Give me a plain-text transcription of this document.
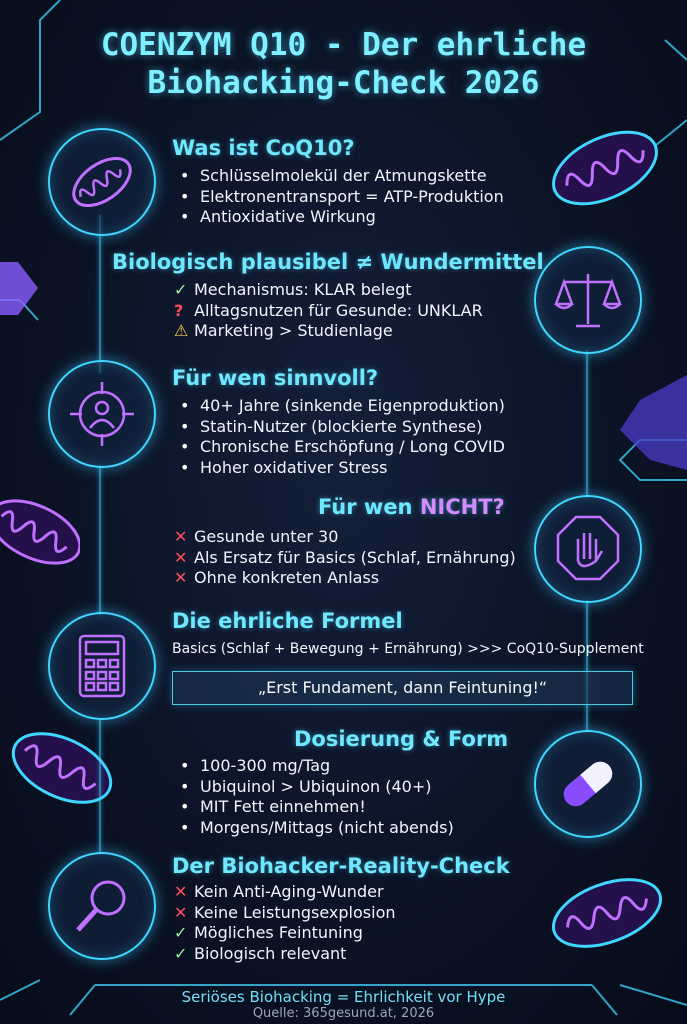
COENZYM Q10 - Der ehrliche
Biohacking-Check 2026
Was ist CoQ10?
• Schlüsselmolekül der Atmungskette
• Elektronentransport = ATP-Produktion
• Antioxidative Wirkung
Biologisch plausibel ≠ Wundermittel
✓ Mechanismus: KLAR belegt
? Alltagsnutzen für Gesunde: UNKLAR
⚠ Marketing > Studienlage
Für wen sinnvoll?
• 40+ Jahre (sinkende Eigenproduktion)
• Statin-Nutzer (blockierte Synthese)
• Chronische Erschöpfung / Long COVID
• Hoher oxidativer Stress
Für wen NICHT?
✕ Gesunde unter 30
✕ Als Ersatz für Basics (Schlaf, Ernährung)
✕ Ohne konkreten Anlass
Die ehrliche Formel
Basics (Schlaf + Bewegung + Ernährung) >>> CoQ10-Supplement
„Erst Fundament, dann Feintuning!“
Dosierung & Form
• 100-300 mg/Tag
• Ubiquinol > Ubiquinon (40+)
• MIT Fett einnehmen!
• Morgens/Mittags (nicht abends)
Der Biohacker-Reality-Check
✕ Kein Anti-Aging-Wunder
✕ Keine Leistungsexplosion
✓ Mögliches Feintuning
✓ Biologisch relevant
Seriöses Biohacking = Ehrlichkeit vor Hype
Quelle: 365gesund.at, 2026
